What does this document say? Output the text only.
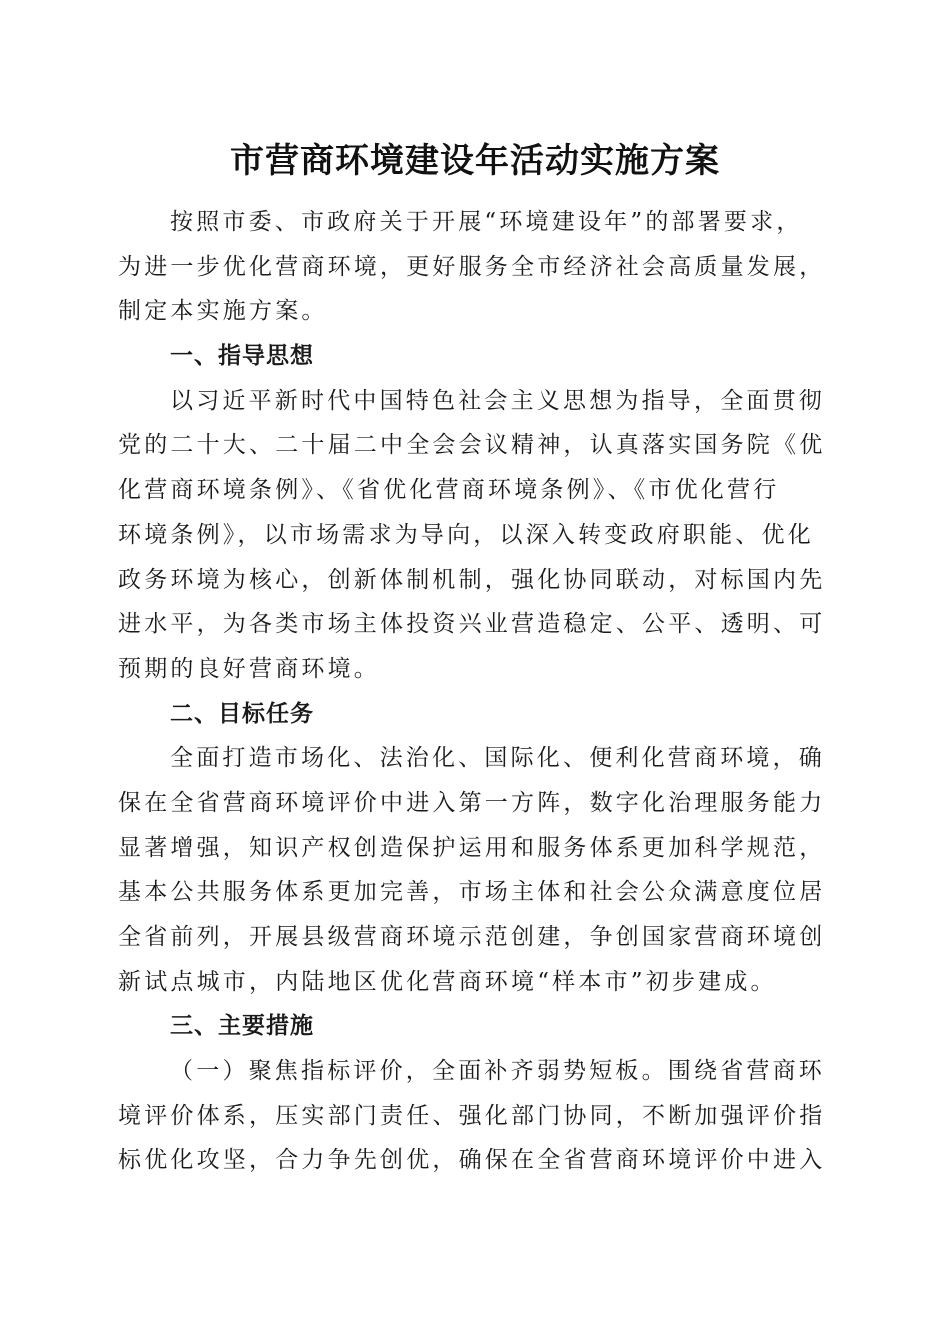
市营商环境建设年活动实施方案
按照市委、市政府关于开展“环境建设年”的部署要求，
为进一步优化营商环境，更好服务全市经济社会高质量发展，
制定本实施方案。
一、指导思想
以习近平新时代中国特色社会主义思想为指导，全面贯彻
党的二十大、二十届二中全会会议精神，认真落实国务院《优
化营商环境条例》、《省优化营商环境条例》、《市优化营行
环境条例》，以市场需求为导向，以深入转变政府职能、优化
政务环境为核心，创新体制机制，强化协同联动，对标国内先
进水平，为各类市场主体投资兴业营造稳定、公平、透明、可
预期的良好营商环境。
二、目标任务
全面打造市场化、法治化、国际化、便利化营商环境，确
保在全省营商环境评价中进入第一方阵，数字化治理服务能力
显著增强，知识产权创造保护运用和服务体系更加科学规范，
基本公共服务体系更加完善，市场主体和社会公众满意度位居
全省前列，开展县级营商环境示范创建，争创国家营商环境创
新试点城市，内陆地区优化营商环境“样本市”初步建成。
三、主要措施
（一）聚焦指标评价，全面补齐弱势短板。围绕省营商环
境评价体系，压实部门责任、强化部门协同，不断加强评价指
标优化攻坚，合力争先创优，确保在全省营商环境评价中进入
